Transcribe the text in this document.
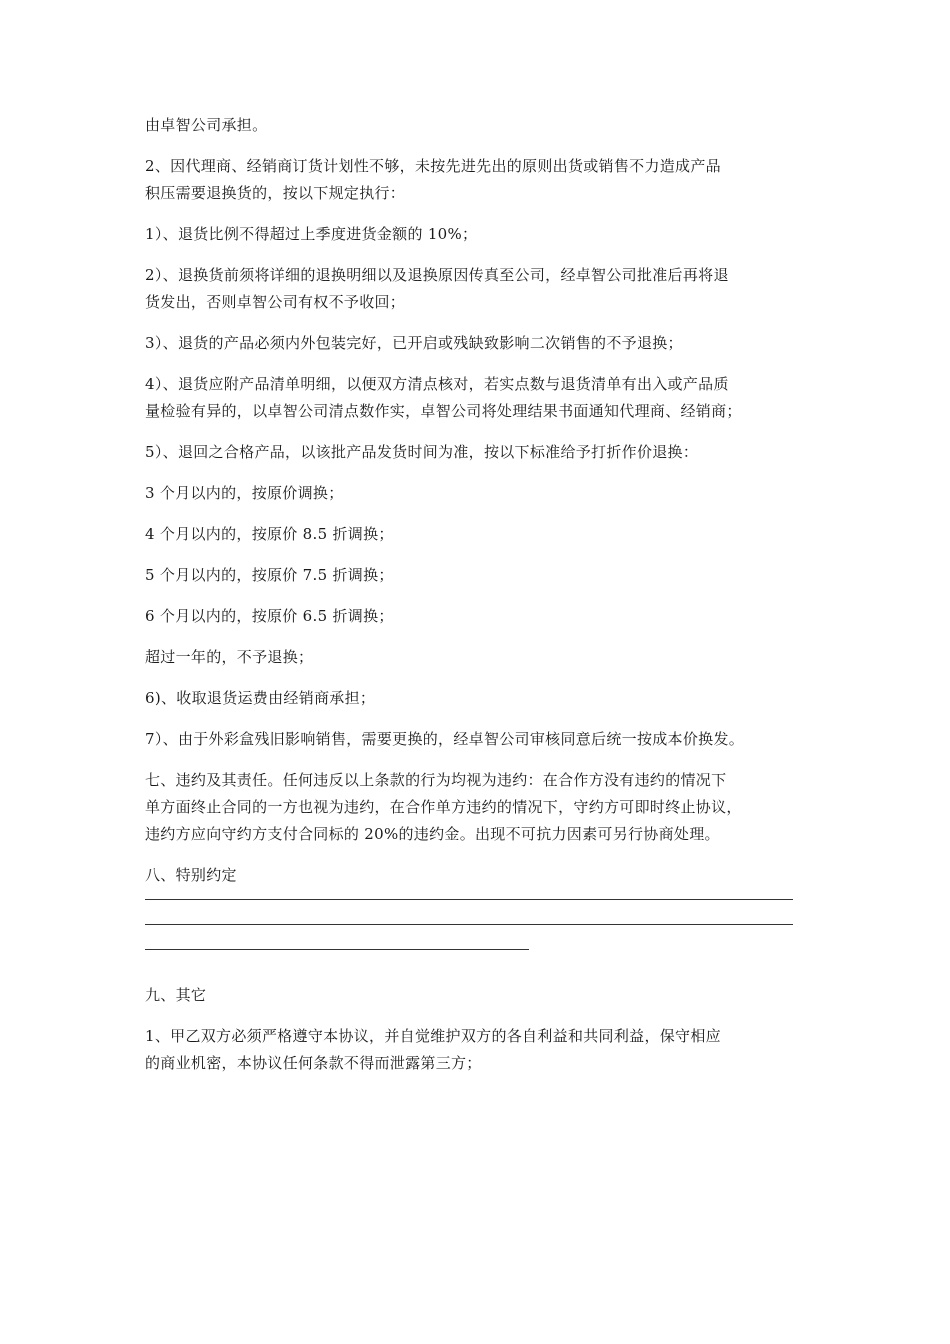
由卓智公司承担。

2、因代理商、经销商订货计划性不够，未按先进先出的原则出货或销售不力造成产品
积压需要退换货的，按以下规定执行：

1）、退货比例不得超过上季度进货金额的 10%；

2）、退换货前须将详细的退换明细以及退换原因传真至公司，经卓智公司批准后再将退
货发出，否则卓智公司有权不予收回；

3）、退货的产品必须内外包装完好，已开启或残缺致影响二次销售的不予退换；

4）、退货应附产品清单明细，以便双方清点核对，若实点数与退货清单有出入或产品质
量检验有异的，以卓智公司清点数作实，卓智公司将处理结果书面通知代理商、经销商；

5）、退回之合格产品，以该批产品发货时间为准，按以下标准给予打折作价退换：

3 个月以内的，按原价调换；

4 个月以内的，按原价 8.5 折调换；

5 个月以内的，按原价 7.5 折调换；

6 个月以内的，按原价 6.5 折调换；

超过一年的，不予退换；

6)、收取退货运费由经销商承担；

7）、由于外彩盒残旧影响销售，需要更换的，经卓智公司审核同意后统一按成本价换发。

七、违约及其责任。任何违反以上条款的行为均视为违约：在合作方没有违约的情况下
单方面终止合同的一方也视为违约，在合作单方违约的情况下，守约方可即时终止协议，
违约方应向守约方支付合同标的 20%的违约金。出现不可抗力因素可另行协商处理。

八、特别约定

九、其它

1、甲乙双方必须严格遵守本协议，并自觉维护双方的各自利益和共同利益，保守相应
的商业机密，本协议任何条款不得而泄露第三方；
